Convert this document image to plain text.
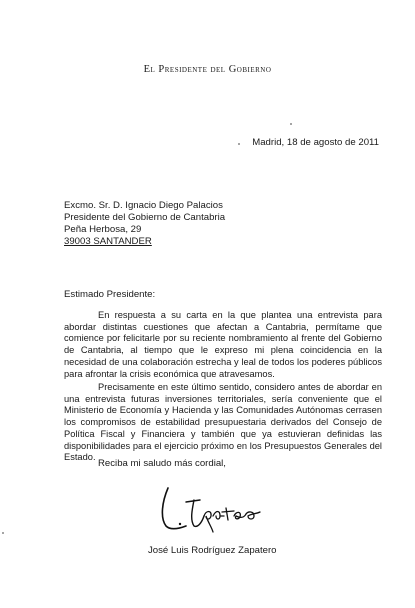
El Presidente del Gobierno
Madrid, 18 de agosto de 2011
Excmo. Sr. D. Ignacio Diego Palacios
Presidente del Gobierno de Cantabria
Peña Herbosa, 29
39003 SANTANDER
Estimado Presidente:
En respuesta a su carta en la que plantea una entrevista para abordar distintas cuestiones que afectan a Cantabria, permítame que comience por felicitarle por su reciente nombramiento al frente del Gobierno de Cantabria, al tiempo que le expreso mi plena coincidencia en la necesidad de una colaboración estrecha y leal de todos los poderes públicos para afrontar la crisis económica que atravesamos.
Precisamente en este último sentido, considero antes de abordar en una entrevista futuras inversiones territoriales, sería conveniente que el Ministerio de Economía y Hacienda y las Comunidades Autónomas cerrasen los compromisos de estabilidad presupuestaria derivados del Consejo de Política Fiscal y Financiera y también que ya estuvieran definidas las disponibilidades para el ejercicio próximo en los Presupuestos Generales del Estado.
Reciba mi saludo más cordial,
José Luis Rodríguez Zapatero
